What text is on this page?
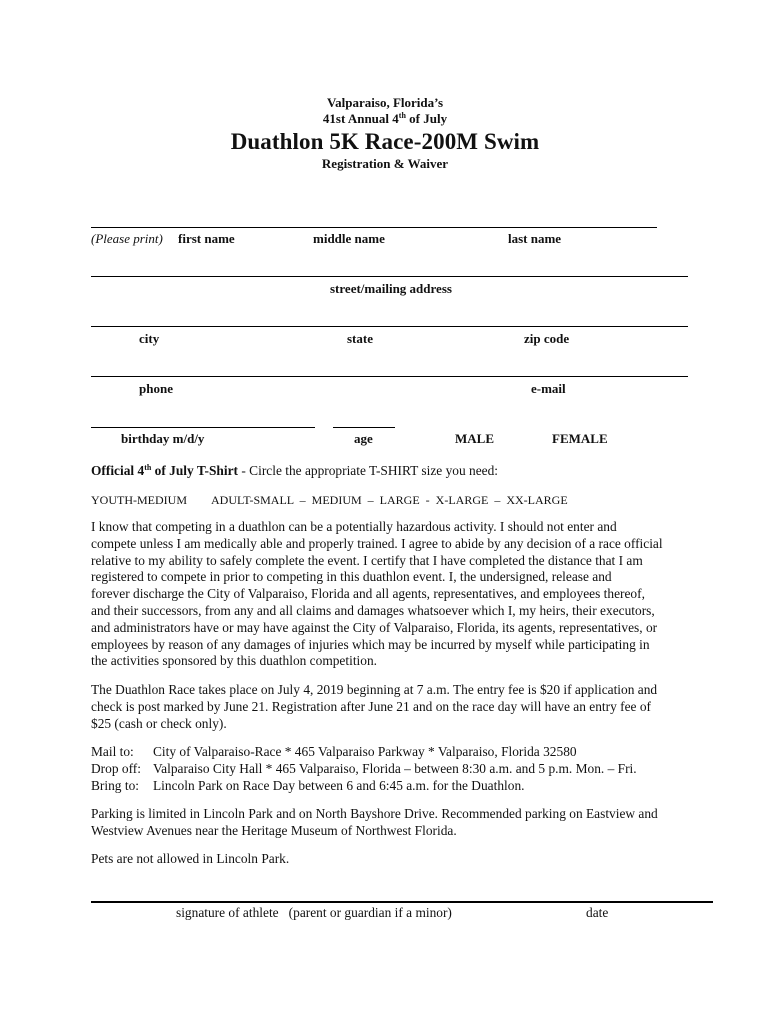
Valparaiso, Florida’s
41st Annual 4th of July
Duathlon 5K Race-200M Swim
Registration & Waiver
(Please print) first name	middle name	last name
street/mailing address
city	state	zip code
phone	e-mail
birthday m/d/y	age	MALE	FEMALE
Official 4th of July T-Shirt - Circle the appropriate T-SHIRT size you need:
YOUTH-MEDIUM ADULT-SMALL  –  MEDIUM  –  LARGE  -  X-LARGE  –  XX-LARGE
I know that competing in a duathlon can be a potentially hazardous activity. I should not enter and
compete unless I am medically able and properly trained. I agree to abide by any decision of a race official
relative to my ability to safely complete the event. I certify that I have completed the distance that I am
registered to compete in prior to competing in this duathlon event. I, the undersigned, release and
forever discharge the City of Valparaiso, Florida and all agents, representatives, and employees thereof,
and their successors, from any and all claims and damages whatsoever which I, my heirs, their executors,
and administrators have or may have against the City of Valparaiso, Florida, its agents, representatives, or
employees by reason of any damages of injuries which may be incurred by myself while participating in
the activities sponsored by this duathlon competition.
The Duathlon Race takes place on July 4, 2019 beginning at 7 a.m. The entry fee is $20 if application and
check is post marked by June 21. Registration after June 21 and on the race day will have an entry fee of
$25 (cash or check only).
Mail to: City of Valparaiso-Race * 465 Valparaiso Parkway * Valparaiso, Florida 32580
Drop off: Valparaiso City Hall * 465 Valparaiso, Florida – between 8:30 a.m. and 5 p.m. Mon. – Fri.
Bring to: Lincoln Park on Race Day between 6 and 6:45 a.m. for the Duathlon.
Parking is limited in Lincoln Park and on North Bayshore Drive. Recommended parking on Eastview and
Westview Avenues near the Heritage Museum of Northwest Florida.
Pets are not allowed in Lincoln Park.
signature of athlete   (parent or guardian if a minor)	date
